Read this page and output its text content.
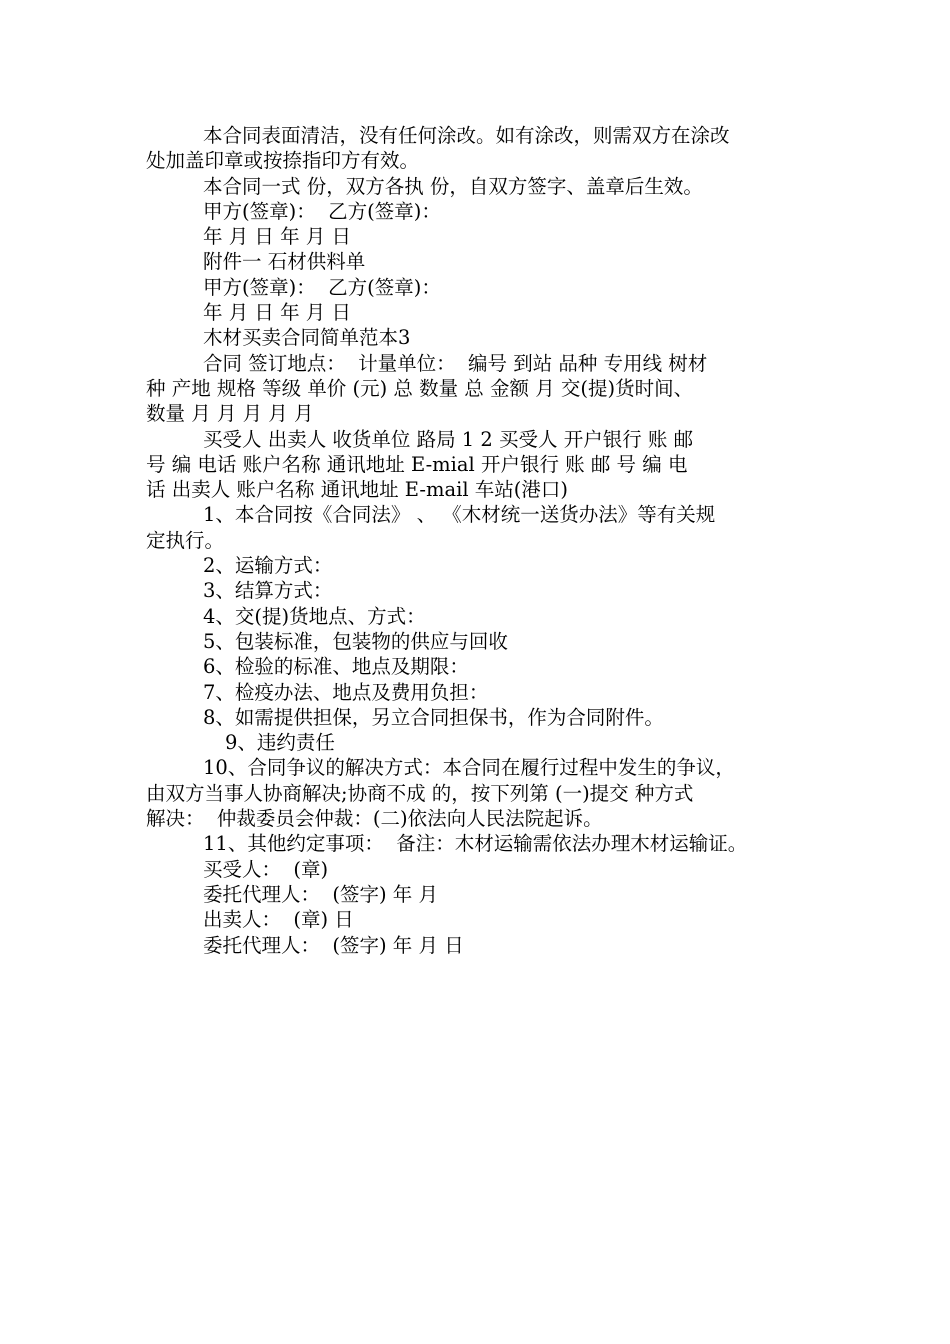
本合同表面清洁，没有任何涂改。如有涂改，则需双方在涂改
处加盖印章或按捺指印方有效。
本合同一式 份，双方各执 份，自双方签字、盖章后生效。
甲方(签章)：  乙方(签章)：
年 月 日 年 月 日
附件一 石材供料单
甲方(签章)：  乙方(签章)：
年 月 日 年 月 日
木材买卖合同简单范本3
合同 签订地点：  计量单位：  编号 到站 品种 专用线 树材
种 产地 规格 等级 单价 (元) 总 数量 总 金额 月 交(提)货时间、
数量 月 月 月 月 月
买受人 出卖人 收货单位 路局 1 2 买受人 开户银行 账 邮
号 编 电话 账户名称 通讯地址 E-mial 开户银行 账 邮 号 编 电
话 出卖人 账户名称 通讯地址 E-mail 车站(港口)
1、本合同按《合同法》 、 《木材统一送货办法》等有关规
定执行。
2、运输方式：
3、结算方式：
4、交(提)货地点、方式：
5、包装标准，包装物的供应与回收
6、检验的标准、地点及期限：
7、检疫办法、地点及费用负担：
8、如需提供担保，另立合同担保书，作为合同附件。
9、违约责任
10、合同争议的解决方式：本合同在履行过程中发生的争议，
由双方当事人协商解决;协商不成 的，按下列第 (一)提交 种方式
解决：  仲裁委员会仲裁：(二)依法向人民法院起诉。
11、其他约定事项：  备注：木材运输需依法办理木材运输证。
买受人：  (章)
委托代理人：  (签字) 年 月
出卖人：  (章) 日
委托代理人：  (签字) 年 月 日
